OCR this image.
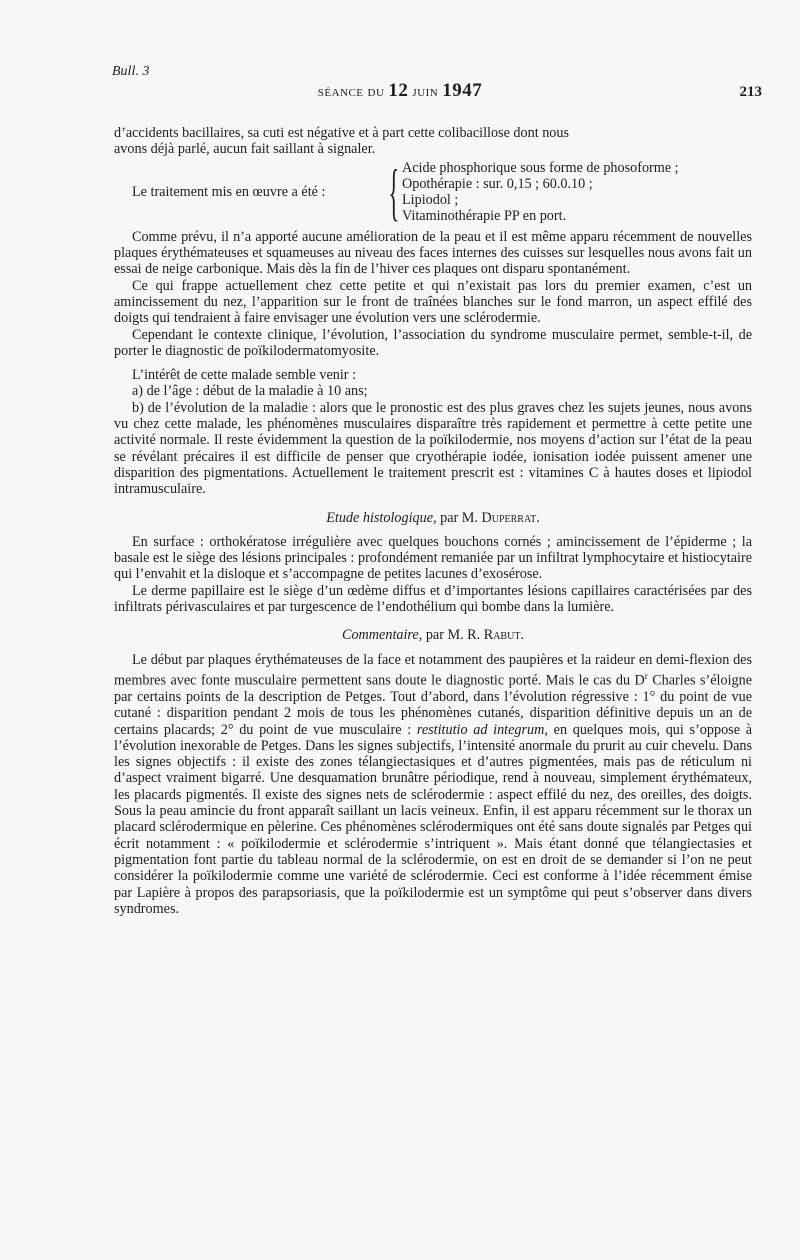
Bull. 3
SÉANCE DU 12 JUIN 1947	213

d’accidents bacillaires, sa cuti est négative et à part cette colibacillose dont nous

avons déjà parlé, aucun fait saillant à signaler.

Le traitement mis en œuvre a été : { Acide phosphorique sous forme de phosoforme ;
Opothérapie : sur. 0,15 ; 60.0.10 ;
Lipiodol ;
Vitaminothérapie PP en port.

Comme prévu, il n’a apporté aucune amélioration de la peau et il est même apparu récemment de nouvelles plaques érythémateuses et squameuses au niveau des faces internes des cuisses sur lesquelles nous avons fait un essai de neige carbonique. Mais dès la fin de l’hiver ces plaques ont disparu spontanément.

Ce qui frappe actuellement chez cette petite et qui n’existait pas lors du premier examen, c’est un amincissement du nez, l’apparition sur le front de traînées blanches sur le fond marron, un aspect effilé des doigts qui tendraient à faire envisager une évolution vers une sclérodermie.

Cependant le contexte clinique, l’évolution, l’association du syndrome musculaire permet, semble-t-il, de porter le diagnostic de poïkilodermatomyosite.

L’intérêt de cette malade semble venir :

a) de l’âge : début de la maladie à 10 ans;

b) de l’évolution de la maladie : alors que le pronostic est des plus graves chez les sujets jeunes, nous avons vu chez cette malade, les phénomènes musculaires disparaître très rapidement et permettre à cette petite une activité normale. Il reste évidemment la question de la poïkilodermie, nos moyens d’action sur l’état de la peau se révélant précaires il est difficile de penser que cryothérapie iodée, ionisation iodée puissent amener une disparition des pigmentations. Actuellement le traitement prescrit est : vitamines C à hautes doses et lipiodol intramusculaire.

Etude histologique, par M. Duperrat.

En surface : orthokératose irrégulière avec quelques bouchons cornés ; amincissement de l’épiderme ; la basale est le siège des lésions principales : profondément remaniée par un infiltrat lymphocytaire et histiocytaire qui l’envahit et la disloque et s’accompagne de petites lacunes d’exosérose.

Le derme papillaire est le siège d’un œdème diffus et d’importantes lésions capillaires caractérisées par des infiltrats périvasculaires et par turgescence de l’endothélium qui bombe dans la lumière.

Commentaire, par M. R. Rabut.

Le début par plaques érythémateuses de la face et notamment des paupières et la raideur en demi-flexion des membres avec fonte musculaire permettent sans doute le diagnostic porté. Mais le cas du $D^r$ Charles s’éloigne par certains points de la description de Petges. Tout d’abord, dans l’évolution régressive : 1° du point de vue cutané : disparition pendant 2 mois de tous les phénomènes cutanés, disparition définitive depuis un an de certains placards; 2° du point de vue musculaire : restitutio ad integrum, en quelques mois, qui s’oppose à l’évolution inexorable de Petges. Dans les signes subjectifs, l’intensité anormale du prurit au cuir chevelu. Dans les signes objectifs : il existe des zones télangiectasiques et d’autres pigmentées, mais pas de réticulum ni d’aspect vraiment bigarré. Une desquamation brunâtre périodique, rend à nouveau, simplement érythémateux, les placards pigmentés. Il existe des signes nets de sclérodermie : aspect effilé du nez, des oreilles, des doigts. Sous la peau amincie du front apparaît saillant un lacis veineux. Enfin, il est apparu récemment sur le thorax un placard sclérodermique en pèlerine. Ces phénomènes sclérodermiques ont été sans doute signalés par Petges qui écrit notamment : « poïkilodermie et sclérodermie s’intriquent ». Mais étant donné que télangiectasies et pigmentation font partie du tableau normal de la sclérodermie, on est en droit de se demander si l’on ne peut considérer la poïkilodermie comme une variété de sclérodermie. Ceci est conforme à l’idée récemment émise par Lapière à propos des parapsoriasis, que la poïkilodermie est un symptôme qui peut s’observer dans divers syndromes.
